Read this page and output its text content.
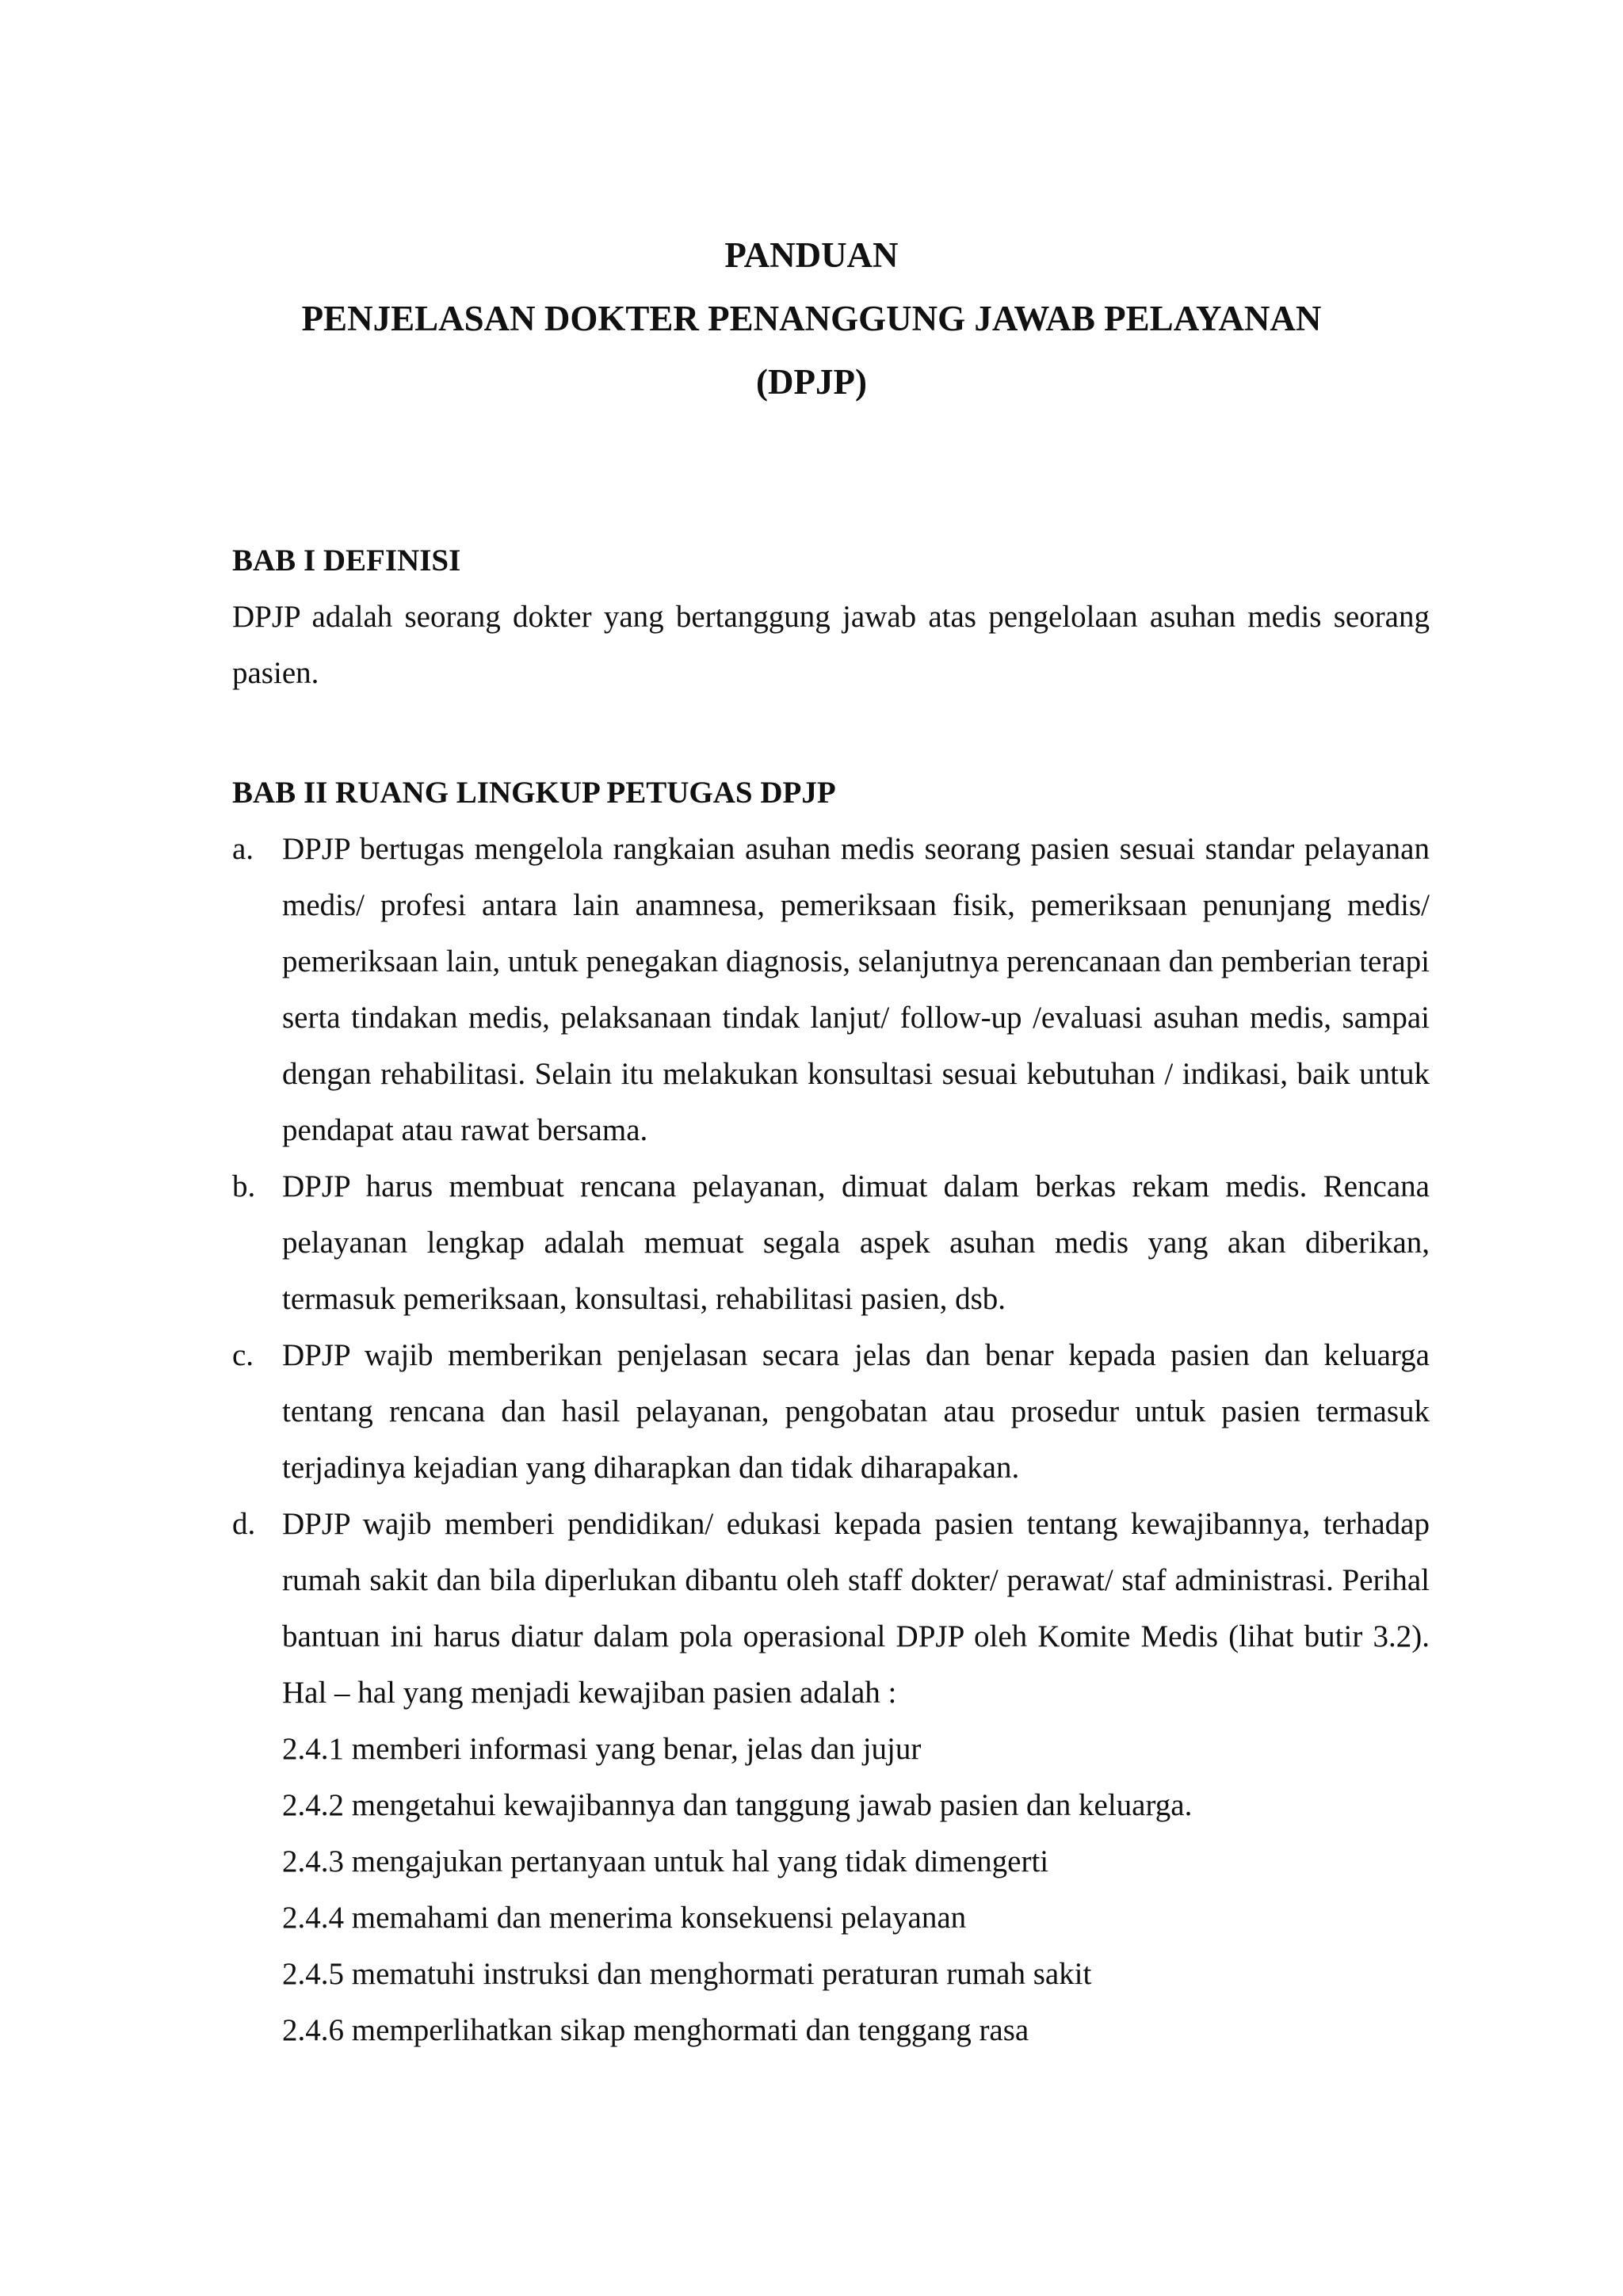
PANDUAN
PENJELASAN DOKTER PENANGGUNG JAWAB PELAYANAN
(DPJP)
BAB I DEFINISI
DPJP adalah seorang dokter yang bertanggung jawab atas pengelolaan asuhan medis seorang pasien.
BAB II RUANG LINGKUP PETUGAS DPJP
a. DPJP bertugas mengelola rangkaian asuhan medis seorang pasien sesuai standar pelayanan medis/ profesi antara lain anamnesa, pemeriksaan fisik, pemeriksaan penunjang medis/ pemeriksaan lain, untuk penegakan diagnosis, selanjutnya perencanaan dan pemberian terapi serta tindakan medis, pelaksanaan tindak lanjut/ follow-up /evaluasi asuhan medis, sampai dengan rehabilitasi. Selain itu melakukan konsultasi sesuai kebutuhan / indikasi, baik untuk pendapat atau rawat bersama.
b. DPJP harus membuat rencana pelayanan, dimuat dalam berkas rekam medis. Rencana pelayanan lengkap adalah memuat segala aspek asuhan medis yang akan diberikan, termasuk pemeriksaan, konsultasi, rehabilitasi pasien, dsb.
c. DPJP wajib memberikan penjelasan secara jelas dan benar kepada pasien dan keluarga tentang rencana dan hasil pelayanan, pengobatan atau prosedur untuk pasien termasuk terjadinya kejadian yang diharapkan dan tidak diharapakan.
d. DPJP wajib memberi pendidikan/ edukasi kepada pasien tentang kewajibannya, terhadap rumah sakit dan bila diperlukan dibantu oleh staff dokter/ perawat/ staf administrasi. Perihal bantuan ini harus diatur dalam pola operasional DPJP oleh Komite Medis (lihat butir 3.2). Hal – hal yang menjadi kewajiban pasien adalah :
2.4.1 memberi informasi yang benar, jelas dan jujur
2.4.2 mengetahui kewajibannya dan tanggung jawab pasien dan keluarga.
2.4.3 mengajukan pertanyaan untuk hal yang tidak dimengerti
2.4.4 memahami dan menerima konsekuensi pelayanan
2.4.5 mematuhi instruksi dan menghormati peraturan rumah sakit
2.4.6 memperlihatkan sikap menghormati dan tenggang rasa
